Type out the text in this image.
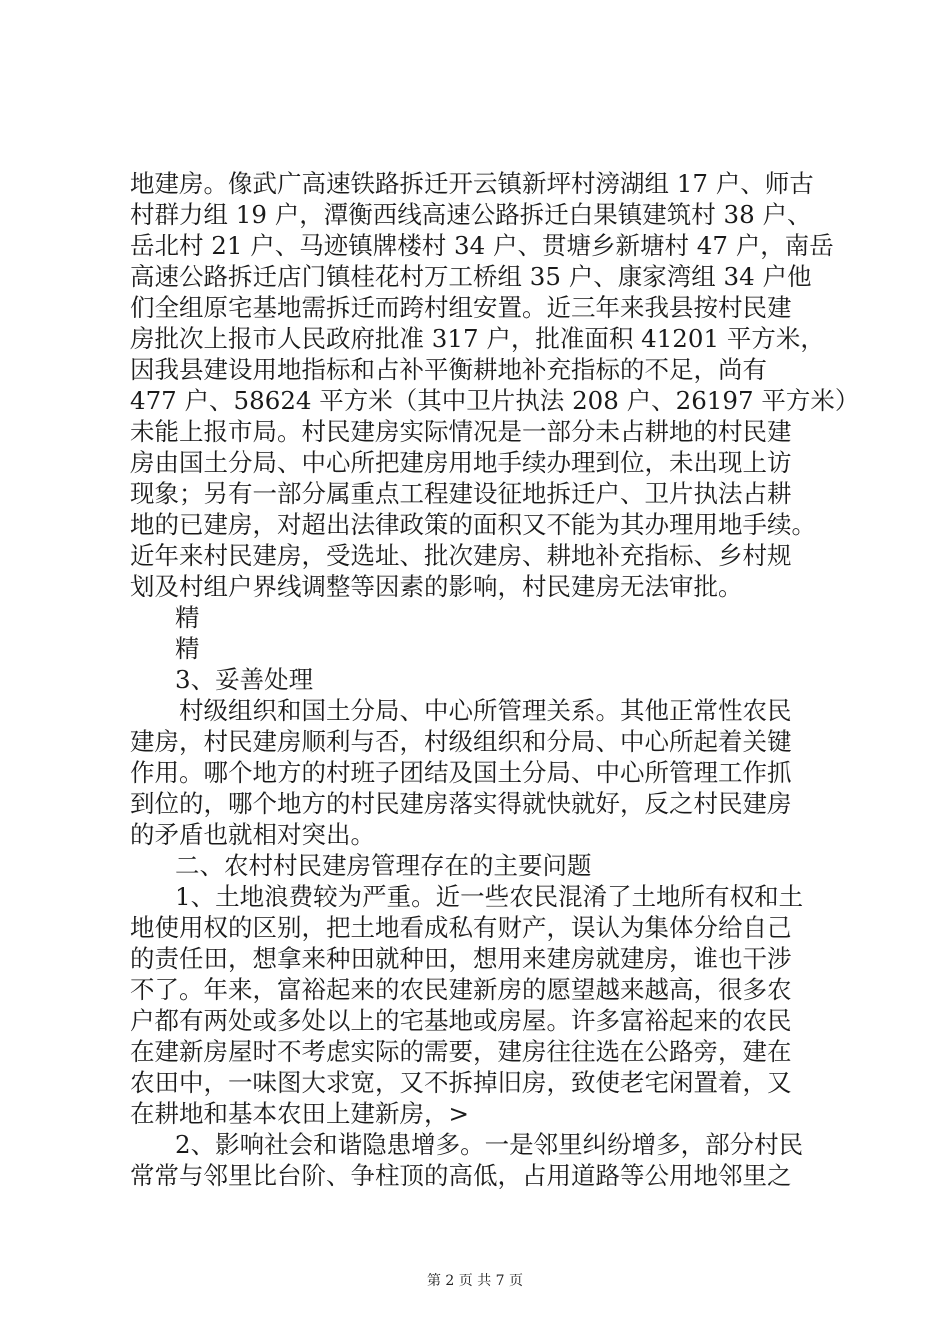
地建房。像武广高速铁路拆迁开云镇新坪村滂湖组 17 户、师古
村群力组 19 户，潭衡西线高速公路拆迁白果镇建筑村 38 户、
岳北村 21 户、马迹镇牌楼村 34 户、贯塘乡新塘村 47 户，南岳
高速公路拆迁店门镇桂花村万工桥组 35 户、康家湾组 34 户他
们全组原宅基地需拆迁而跨村组安置。近三年来我县按村民建
房批次上报市人民政府批准 317 户，批准面积 41201 平方米，
因我县建设用地指标和占补平衡耕地补充指标的不足，尚有
477 户、58624 平方米（其中卫片执法 208 户、26197 平方米）
未能上报市局。村民建房实际情况是一部分未占耕地的村民建
房由国土分局、中心所把建房用地手续办理到位，未出现上访
现象；另有一部分属重点工程建设征地拆迁户、卫片执法占耕
地的已建房，对超出法律政策的面积又不能为其办理用地手续。
近年来村民建房，受选址、批次建房、耕地补充指标、乡村规
划及村组户界线调整等因素的影响，村民建房无法审批。
精
精
3、妥善处理
村级组织和国土分局、中心所管理关系。其他正常性农民
建房，村民建房顺利与否，村级组织和分局、中心所起着关键
作用。哪个地方的村班子团结及国土分局、中心所管理工作抓
到位的，哪个地方的村民建房落实得就快就好，反之村民建房
的矛盾也就相对突出。
二、农村村民建房管理存在的主要问题
1、土地浪费较为严重。近一些农民混淆了土地所有权和土
地使用权的区别，把土地看成私有财产，误认为集体分给自己
的责任田，想拿来种田就种田，想用来建房就建房，谁也干涉
不了。年来，富裕起来的农民建新房的愿望越来越高，很多农
户都有两处或多处以上的宅基地或房屋。许多富裕起来的农民
在建新房屋时不考虑实际的需要，建房往往选在公路旁，建在
农田中，一味图大求宽，又不拆掉旧房，致使老宅闲置着，又
在耕地和基本农田上建新房，>
2、影响社会和谐隐患增多。一是邻里纠纷增多，部分村民
常常与邻里比台阶、争柱顶的高低，占用道路等公用地邻里之
第 2 页 共 7 页
